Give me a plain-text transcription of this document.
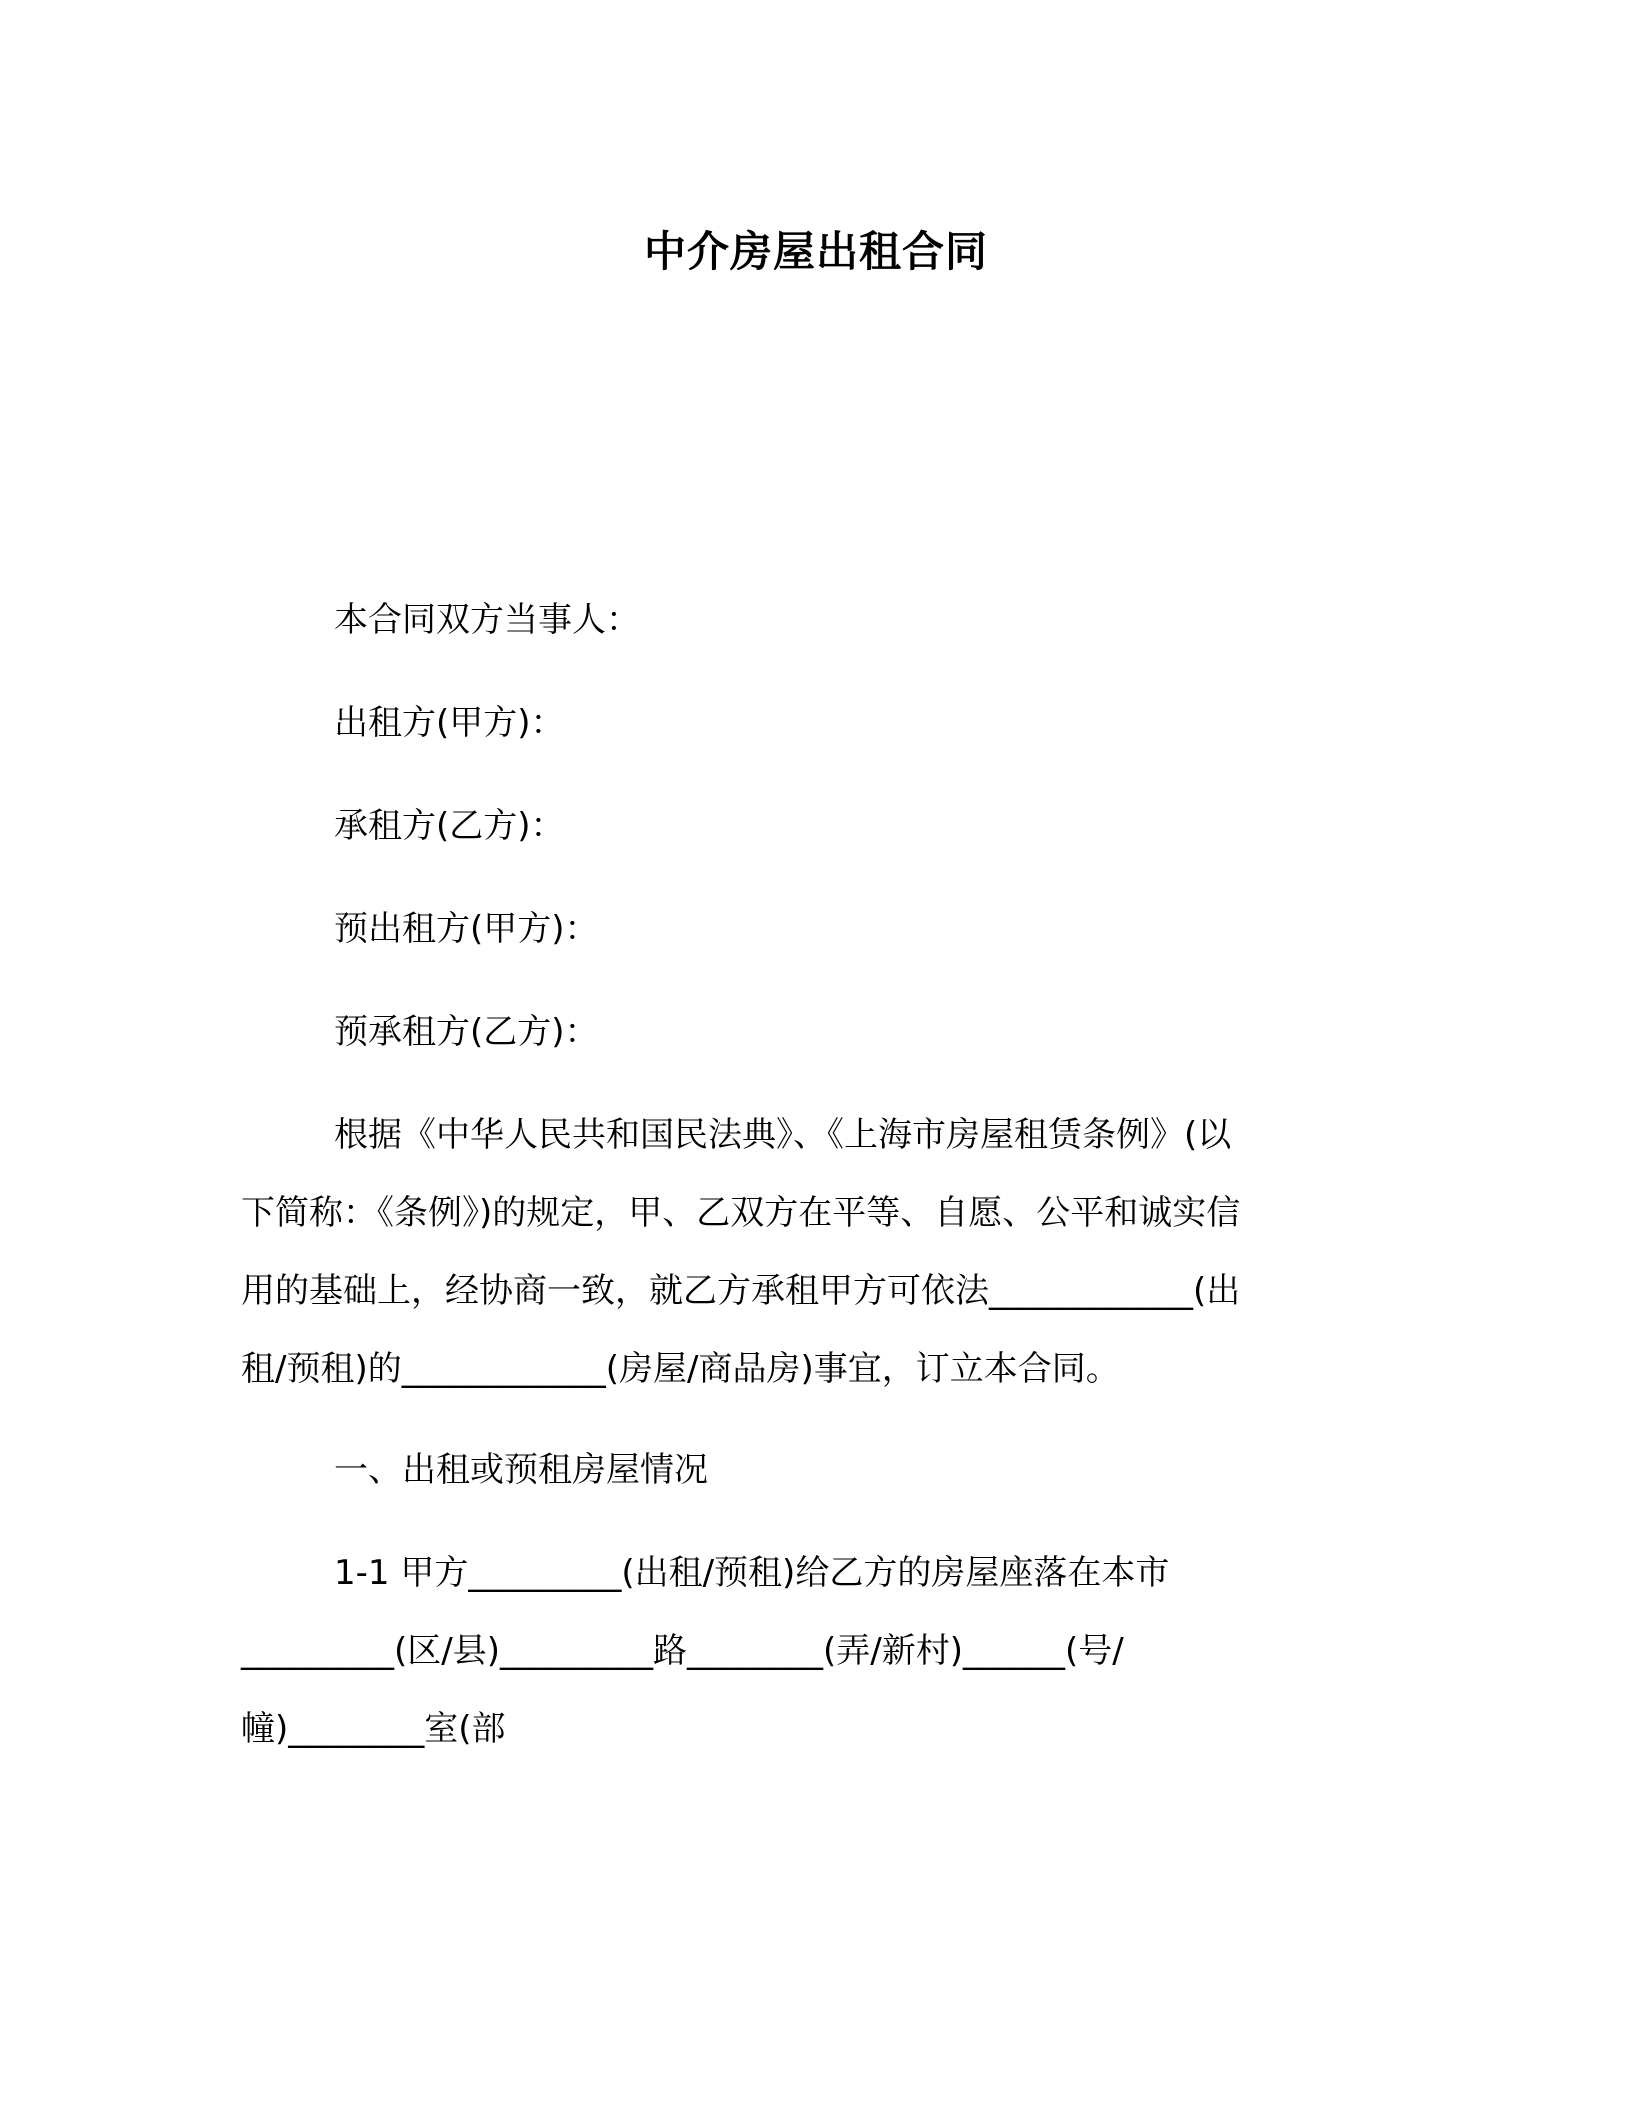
中介房屋出租合同
本合同双方当事人：
出租方(甲方)：
承租方(乙方)：
预出租方(甲方)：
预承租方(乙方)：
根据《中华人民共和国民法典》、《上海市房屋租赁条例》(以
下简称：《条例》)的规定，甲、乙双方在平等、自愿、公平和诚实信
用的基础上，经协商一致，就乙方承租甲方可依法____________(出
租/预租)的____________(房屋/商品房)事宜，订立本合同。
一、出租或预租房屋情况
1-1 甲方_________(出租/预租)给乙方的房屋座落在本市
_________(区/县)_________路________(弄/新村)______(号/
幢)________室(部
